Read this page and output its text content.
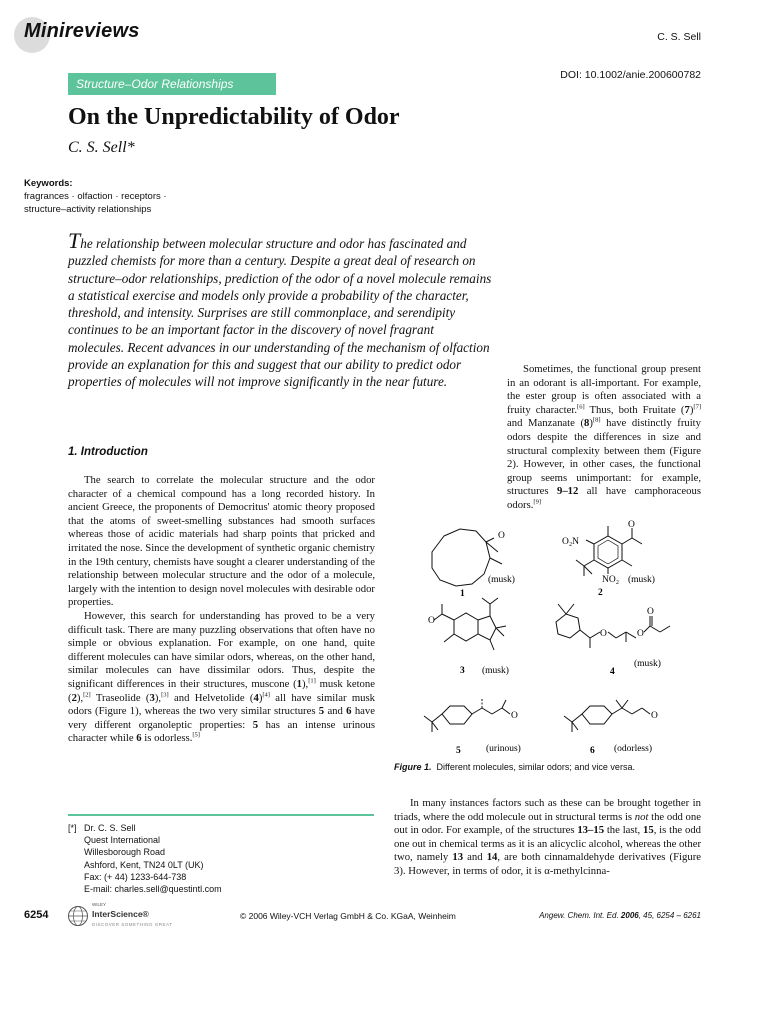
Minireviews	C. S. Sell
DOI: 10.1002/anie.200600782
Structure–Odor Relationships
On the Unpredictability of Odor
C. S. Sell*
Keywords:
fragrances · olfaction · receptors ·
structure–activity relationships
The relationship between molecular structure and odor has fascinated and puzzled chemists for more than a century. Despite a great deal of research on structure–odor relationships, prediction of the odor of a novel molecule remains a statistical exercise and models only provide a probability of the character, threshold, and intensity. Surprises are still commonplace, and serendipity continues to be an important factor in the discovery of novel fragrant molecules. Recent advances in our understanding of the mechanism of olfaction provide an explanation for this and suggest that our ability to predict odor properties of molecules will not improve significantly in the near future.
1. Introduction

The search to correlate the molecular structure and the odor character of a chemical compound has a long recorded history. In ancient Greece, the proponents of Democritus' atomic theory proposed that the atoms of sweet-smelling substances had smooth surfaces whereas those of acidic materials had sharp points that pricked and irritated the nose. Since the development of synthetic organic chemistry in the 19th century, chemists have sought a clearer understanding of the relationship between molecular structure and the odor of a molecule, largely with the intention to design novel molecules with desirable odor properties.

However, this search for understanding has proved to be a very difficult task. There are many puzzling observations that often have no simple or obvious explanation. For example, on one hand, quite different molecules can have similar odors, whereas, on the other hand, similar molecules can have dissimilar odors. Thus, despite the significant differences in their structures, muscone (1),[1] musk ketone (2),[2] Traseolide (3),[3] and Helvetolide (4)[4] all have similar musk odors (Figure 1), whereas the two very similar structures 5 and 6 have very different organoleptic properties: 5 has an intense urinous character while 6 is odorless.[5]

Sometimes, the functional group present in an odorant is all-important. For example, the ester group is often associated with a fruity character.[6] Thus, both Fruitate (7)[7] and Manzanate (8)[8] have distinctly fruity odors despite the differences in size and structural complexity between them (Figure 2). However, in other cases, the functional group seems unimportant: for example, structures 9–12 all have camphoraceous odors.[9]

O
O₂N
NO₂
O
O
O	O
O
O	O
1
(musk)
2
(musk)
3 (musk)	4
(musk)
5	(urinous)	6 (odorless)
Figure 1. Different molecules, similar odors; and vice versa.

In many instances factors such as these can be brought together in triads, where the odd molecule out in structural terms is not the odd one out in odor. For example, of the structures 13–15 the last, 15, is the odd one out in chemical terms as it is an alicyclic alcohol, whereas the other two, namely 13 and 14, are both cinnamaldehyde derivatives (Figure 3). However, in terms of odor, it is α-methylcinna-

[*] Dr. C. S. Sell
Quest International
Willesborough Road
Ashford, Kent, TN24 0LT (UK)
Fax: (+ 44) 1233-644-738
E-mail: charles.sell@questintl.com
6254
WILEY
InterScience®
DISCOVER SOMETHING GREAT
© 2006 Wiley-VCH Verlag GmbH & Co. KGaA, Weinheim	Angew. Chem. Int. Ed. 2006, 45, 6254 – 6261
